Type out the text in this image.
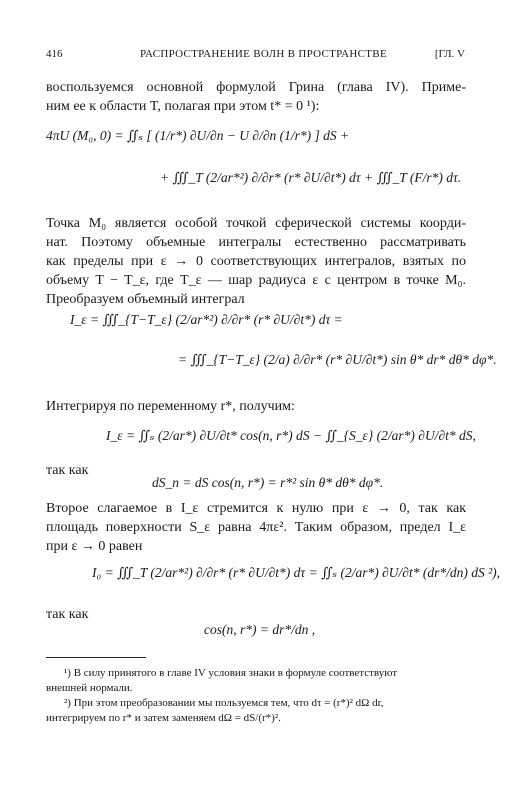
416	РАСПРОСТРАНЕНИЕ ВОЛН В ПРОСТРАНСТВЕ	[ГЛ. V
воспользуемся основной формулой Грина (глава IV). Приме-
ним ее к области T, полагая при этом t* = 0 ¹):
4πU (M₀, 0) = ∬ₛ [ (1/r*) ∂U/∂n − U ∂/∂n (1/r*) ] dS +
+ ∭_T (2/ar*²) ∂/∂r* (r* ∂U/∂t*) dτ + ∭_T (F/r*) dτ.
Точка M₀ является особой точкой сферической системы коорди-
нат. Поэтому объемные интегралы естественно рассматривать
как пределы при ε → 0 соответствующих интегралов, взятых по
объему T − T_ε, где T_ε — шар радиуса ε с центром в точке M₀.
Преобразуем объемный интеграл
I_ε = ∭_{T−T_ε} (2/ar*²) ∂/∂r* (r* ∂U/∂t*) dτ =
= ∭_{T−T_ε} (2/a) ∂/∂r* (r* ∂U/∂t*) sin θ* dr* dθ* dφ*.
Интегрируя по переменному r*, получим:
I_ε = ∬ₛ (2/ar*) ∂U/∂t* cos(n, r*) dS − ∬_{S_ε} (2/ar*) ∂U/∂t* dS,
так как
dS_n = dS cos(n, r*) = r*² sin θ* dθ* dφ*.
Второе слагаемое в I_ε стремится к нулю при ε → 0, так как
площадь поверхности S_ε равна 4πε². Таким образом, предел I_ε
при ε → 0 равен
I₀ = ∭_T (2/ar*²) ∂/∂r* (r* ∂U/∂t*) dτ = ∬ₛ (2/ar*) ∂U/∂t* (dr*/dn) dS ²),
так как
cos(n, r*) = dr*/dn ,
¹) В силу принятого в главе IV условия знаки в формуле соответствуют
внешней нормали.
²) При этом преобразовании мы пользуемся тем, что dτ = (r*)² dΩ dr,
интегрируем по r* и затем заменяем dΩ = dS/(r*)².
